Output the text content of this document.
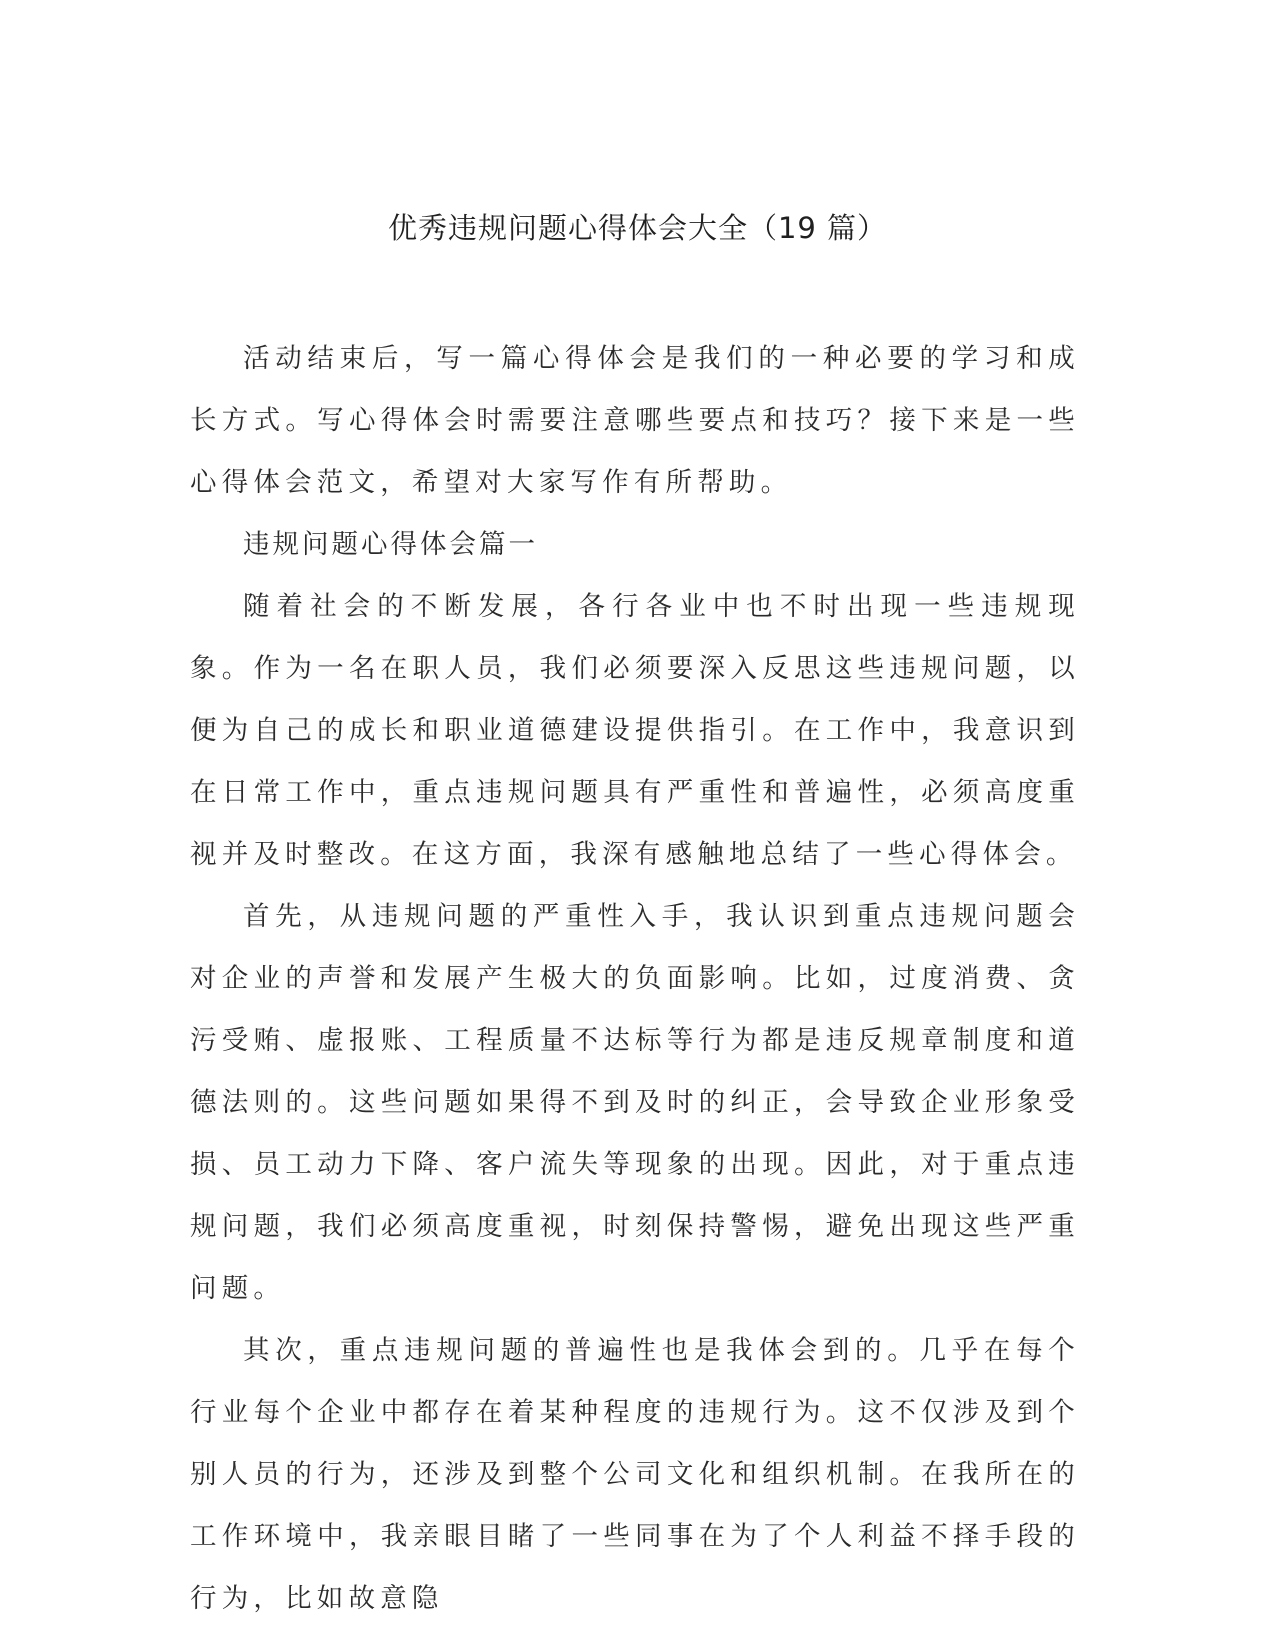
优秀违规问题心得体会大全（19 篇）

活动结束后，写一篇心得体会是我们的一种必要的学习和成长方式。写心得体会时需要注意哪些要点和技巧？接下来是一些心得体会范文，希望对大家写作有所帮助。

违规问题心得体会篇一

随着社会的不断发展，各行各业中也不时出现一些违规现象。作为一名在职人员，我们必须要深入反思这些违规问题，以便为自己的成长和职业道德建设提供指引。在工作中，我意识到在日常工作中，重点违规问题具有严重性和普遍性，必须高度重视并及时整改。在这方面，我深有感触地总结了一些心得体会。

首先，从违规问题的严重性入手，我认识到重点违规问题会对企业的声誉和发展产生极大的负面影响。比如，过度消费、贪污受贿、虚报账、工程质量不达标等行为都是违反规章制度和道德法则的。这些问题如果得不到及时的纠正，会导致企业形象受损、员工动力下降、客户流失等现象的出现。因此，对于重点违规问题，我们必须高度重视，时刻保持警惕，避免出现这些严重问题。

其次，重点违规问题的普遍性也是我体会到的。几乎在每个行业每个企业中都存在着某种程度的违规行为。这不仅涉及到个别人员的行为，还涉及到整个公司文化和组织机制。在我所在的工作环境中，我亲眼目睹了一些同事在为了个人利益不择手段的行为，比如故意隐
